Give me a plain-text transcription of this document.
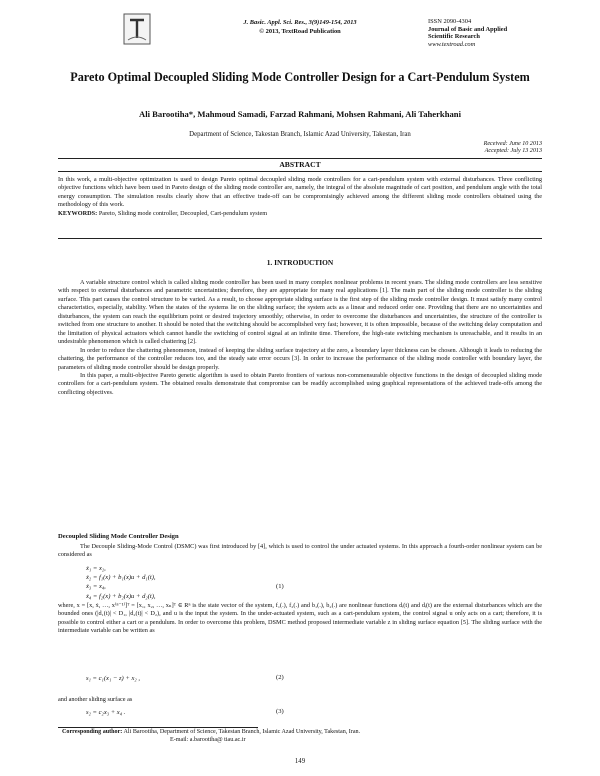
J. Basic. Appl. Sci. Res., 3(9)149-154, 2013
© 2013, TextRoad Publication
ISSN 2090-4304
Journal of Basic and Applied
Scientific Research
www.textroad.com
Pareto Optimal Decoupled Sliding Mode Controller Design for a Cart-Pendulum System
Ali Barootiha*, Mahmoud Samadi, Farzad Rahmani, Mohsen Rahmani, Ali Taherkhani
Department of Science, Takestan Branch, Islamic Azad University, Takestan, Iran
Received: June 10 2013
Accepted: July 13 2013
ABSTRACT
In this work, a multi-objective optimization is used to design Pareto optimal decoupled sliding mode controllers for a cart-pendulum system with external disturbances. Three conflicting objective functions which have been used in Pareto design of the sliding mode controller are, namely, the integral of the absolute magnitude of cart position, and pendulum angle with the total energy consumption. The simulation results clearly show that an effective trade-off can be compromisingly achieved among the different sliding mode controllers obtained using the methodology of this work.
KEYWORDS: Pareto, Sliding mode controller, Decoupled, Cart-pendulum system
1. INTRODUCTION
A variable structure control which is called sliding mode controller has been used in many complex nonlinear problems in recent years. The sliding mode controllers are less sensitive with respect to external disturbances and parametric uncertainties; therefore, they are appropriate for many real applications [1]. The main part of the sliding mode controller is the sliding surface. This part causes the control structure to be varied. As a result, to choose appropriate sliding surface is the first step of the sliding mode controller design. It must satisfy many control characteristics, especially, stability. When the states of the systems lie on the sliding surface; the system acts as a linear and reduced order one. Providing that there are no uncertainties and disturbances, the system can reach the equilibrium point or desired trajectory smoothly; otherwise, in order to overcome the disturbances and uncertainties, the structure of the controller is switched from one structure to another. It should be noted that the switching should be accomplished very fast; however, it is often impossible, because of the switching delay computation and the limitation of physical actuators which cannot handle the switching of control signal at an infinite time. Therefore, the high-rate switching mechanism is unreachable, and it results in an undesirable phenomenon which is called chattering [2].
In order to reduce the chattering phenomenon, instead of keeping the sliding surface trajectory at the zero, a boundary layer thickness can be chosen. Although it leads to reducing the chattering, the performance of the controller reduces too, and the steady sate error occurs [3]. In order to increase the performance of the sliding mode controller with boundary layer, the parameters of sliding mode controller should be design properly.
In this paper, a multi-objective Pareto genetic algorithm is used to obtain Pareto frontiers of various non-commensurable objective functions in the design of decoupled sliding mode controllers for a cart-pendulum system. The obtained results demonstrate that compromise can be readily accomplished using graphical representations of the achieved trade-offs among the conflicting objectives.
Decoupled Sliding Mode Controller Design
The Decouple Sliding-Mode Control (DSMC) was first introduced by [4], which is used to control the under actuated systems. In this approach a fourth-order nonlinear system can be considered as
ẋ₁ = x₂,
ẋ₂ = f₁(x) + b₁(x)u + d₁(t),
ẋ₃ = x₄,
ẋ₄ = f₂(x) + b₂(x)u + d₂(t),
(1)
where, x = [x, ẋ, …, x⁽ⁿ⁻¹⁾]ᵀ = [x₁, x₂, …, xₙ]ᵀ ∈ Rⁿ is the state vector of the system, f₁(.), f₂(.) and b₁(.), b₂(.) are nonlinear functions dᵢ(t) and dᵢ(t) are the external disturbances which are the bounded ones (|d₁(t)| < D₁, |d₂(t)| < D₂), and u is the input the system. In the under-actuated system, such as a cart-pendulum system, the control signal u only acts on a cart; therefore, it is possible to control either a cart or a pendulum. In order to overcome this problem, DSMC method proposed intermediate variable z in sliding surface equation [5]. The sliding surface with the intermediate variable can be written as
s₁ = c₁(x₁ − z) + x₂ ,	(2)
and another sliding surface as
s₂ = c₂x₃ + x₄ .	(3)
Corresponding author: Ali Barootiha, Department of Science, Takestan Branch, Islamic Azad University, Takestan, Iran.
E-mail: a.barootiha@ tiau.ac.ir
149
